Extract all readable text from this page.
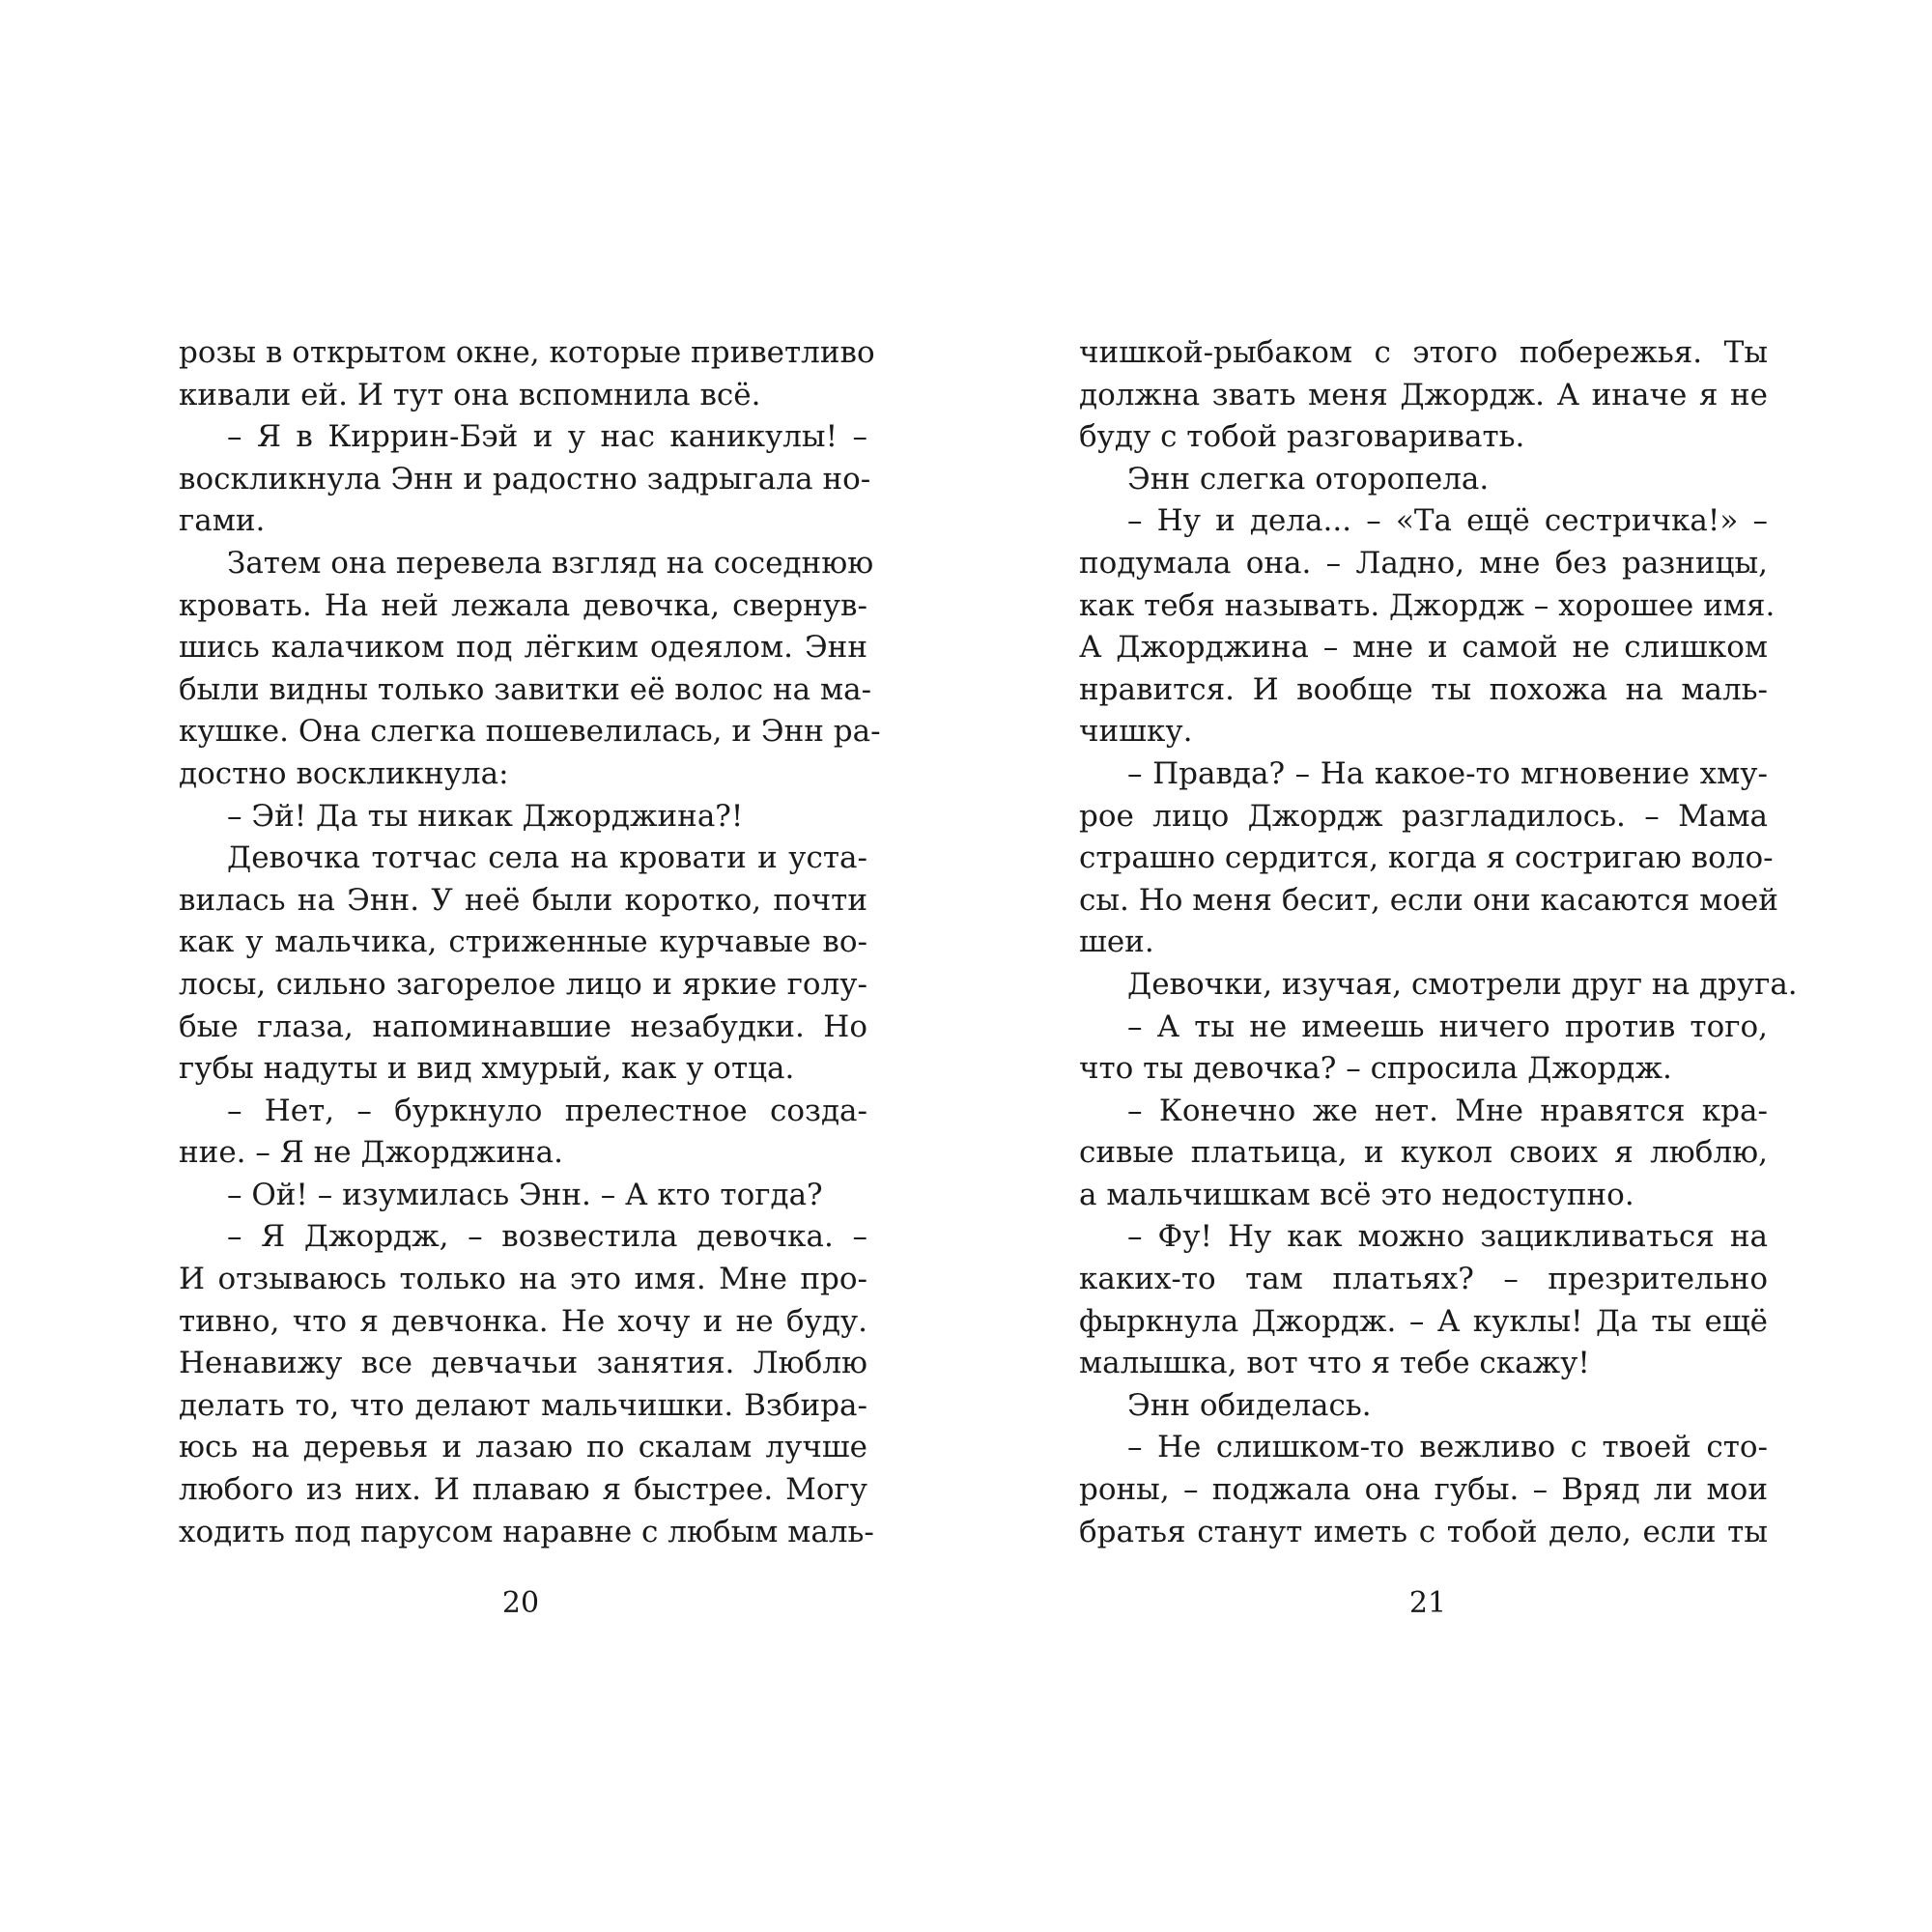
розы в открытом окне, которые приветливо
кивали ей. И тут она вспомнила всё.
– Я в Киррин-Бэй и у нас каникулы! –
воскликнула Энн и радостно задрыгала но-
гами.
Затем она перевела взгляд на соседнюю
кровать. На ней лежала девочка, свернув-
шись калачиком под лёгким одеялом. Энн
были видны только завитки её волос на ма-
кушке. Она слегка пошевелилась, и Энн ра-
достно воскликнула:
– Эй! Да ты никак Джорджина?!
Девочка тотчас села на кровати и уста-
вилась на Энн. У неё были коротко, почти
как у мальчика, стриженные курчавые во-
лосы, сильно загорелое лицо и яркие голу-
бые глаза, напоминавшие незабудки. Но
губы надуты и вид хмурый, как у отца.
– Нет, – буркнуло прелестное созда-
ние. – Я не Джорджина.
– Ой! – изумилась Энн. – А кто тогда?
– Я Джордж, – возвестила девочка. –
И отзываюсь только на это имя. Мне про-
тивно, что я девчонка. Не хочу и не буду.
Ненавижу все девчачьи занятия. Люблю
делать то, что делают мальчишки. Взбира-
юсь на деревья и лазаю по скалам лучше
любого из них. И плаваю я быстрее. Могу
ходить под парусом наравне с любым маль-
чишкой-рыбаком с этого побережья. Ты
должна звать меня Джордж. А иначе я не
буду с тобой разговаривать.
Энн слегка оторопела.
– Ну и дела... – «Та ещё сестричка!» –
подумала она. – Ладно, мне без разницы,
как тебя называть. Джордж – хорошее имя.
А Джорджина – мне и самой не слишком
нравится. И вообще ты похожа на маль-
чишку.
– Правда? – На какое-то мгновение хму-
рое лицо Джордж разгладилось. – Мама
страшно сердится, когда я состригаю воло-
сы. Но меня бесит, если они касаются моей
шеи.
Девочки, изучая, смотрели друг на друга.
– А ты не имеешь ничего против того,
что ты девочка? – спросила Джордж.
– Конечно же нет. Мне нравятся кра-
сивые платьица, и кукол своих я люблю,
а мальчишкам всё это недоступно.
– Фу! Ну как можно зацикливаться на
каких-то там платьях? – презрительно
фыркнула Джордж. – А куклы! Да ты ещё
малышка, вот что я тебе скажу!
Энн обиделась.
– Не слишком-то вежливо с твоей сто-
роны, – поджала она губы. – Вряд ли мои
братья станут иметь с тобой дело, если ты
20	21
